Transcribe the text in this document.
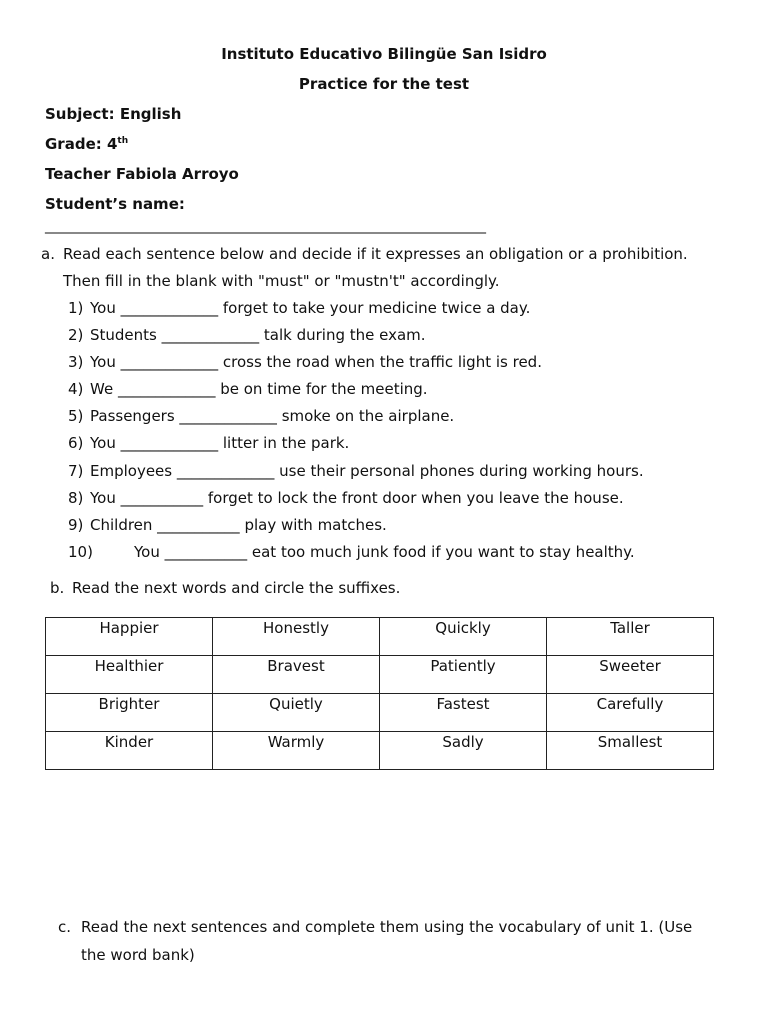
Instituto Educativo Bilingüe San Isidro
Practice for the test
Subject: English
Grade: 4th
Teacher Fabiola Arroyo
Student’s name:
_______________________________________________________________
a. Read each sentence below and decide if it expresses an obligation or a prohibition.
Then fill in the blank with "must" or "mustn't" accordingly.
1) You _____________ forget to take your medicine twice a day.
2) Students _____________ talk during the exam.
3) You _____________ cross the road when the traffic light is red.
4) We _____________ be on time for the meeting.
5) Passengers _____________ smoke on the airplane.
6) You _____________ litter in the park.
7) Employees _____________ use their personal phones during working hours.
8) You ___________ forget to lock the front door when you leave the house.
9) Children ___________ play with matches.
10)	You ___________ eat too much junk food if you want to stay healthy.
b. Read the next words and circle the suffixes.
Happier	Honestly	Quickly	Taller
Healthier	Bravest	Patiently	Sweeter
Brighter	Quietly	Fastest	Carefully
Kinder	Warmly	Sadly	Smallest
c. Read the next sentences and complete them using the vocabulary of unit 1. (Use
the word bank)
